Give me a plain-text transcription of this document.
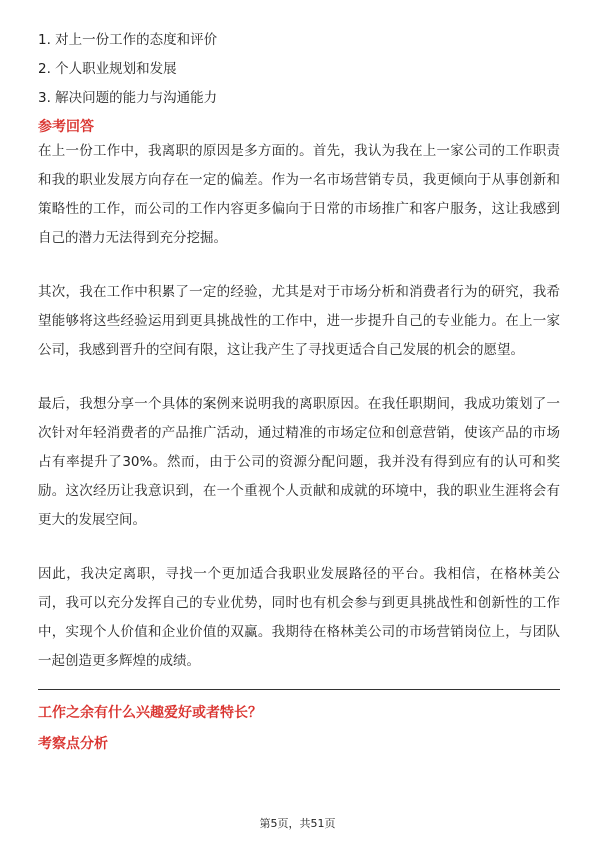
1. 对上一份工作的态度和评价
2. 个人职业规划和发展
3. 解决问题的能力与沟通能力
参考回答

在上一份工作中，我离职的原因是多方面的。首先，我认为我在上一家公司的工作职责和我的职业发展方向存在一定的偏差。作为一名市场营销专员，我更倾向于从事创新和策略性的工作，而公司的工作内容更多偏向于日常的市场推广和客户服务，这让我感到自己的潜力无法得到充分挖掘。

其次，我在工作中积累了一定的经验，尤其是对于市场分析和消费者行为的研究，我希望能够将这些经验运用到更具挑战性的工作中，进一步提升自己的专业能力。在上一家公司，我感到晋升的空间有限，这让我产生了寻找更适合自己发展的机会的愿望。

最后，我想分享一个具体的案例来说明我的离职原因。在我任职期间，我成功策划了一次针对年轻消费者的产品推广活动，通过精准的市场定位和创意营销，使该产品的市场占有率提升了30%。然而，由于公司的资源分配问题，我并没有得到应有的认可和奖励。这次经历让我意识到，在一个重视个人贡献和成就的环境中，我的职业生涯将会有更大的发展空间。

因此，我决定离职，寻找一个更加适合我职业发展路径的平台。我相信，在格林美公司，我可以充分发挥自己的专业优势，同时也有机会参与到更具挑战性和创新性的工作中，实现个人价值和企业价值的双赢。我期待在格林美公司的市场营销岗位上，与团队一起创造更多辉煌的成绩。

工作之余有什么兴趣爱好或者特长？
考察点分析
第5页，共51页
